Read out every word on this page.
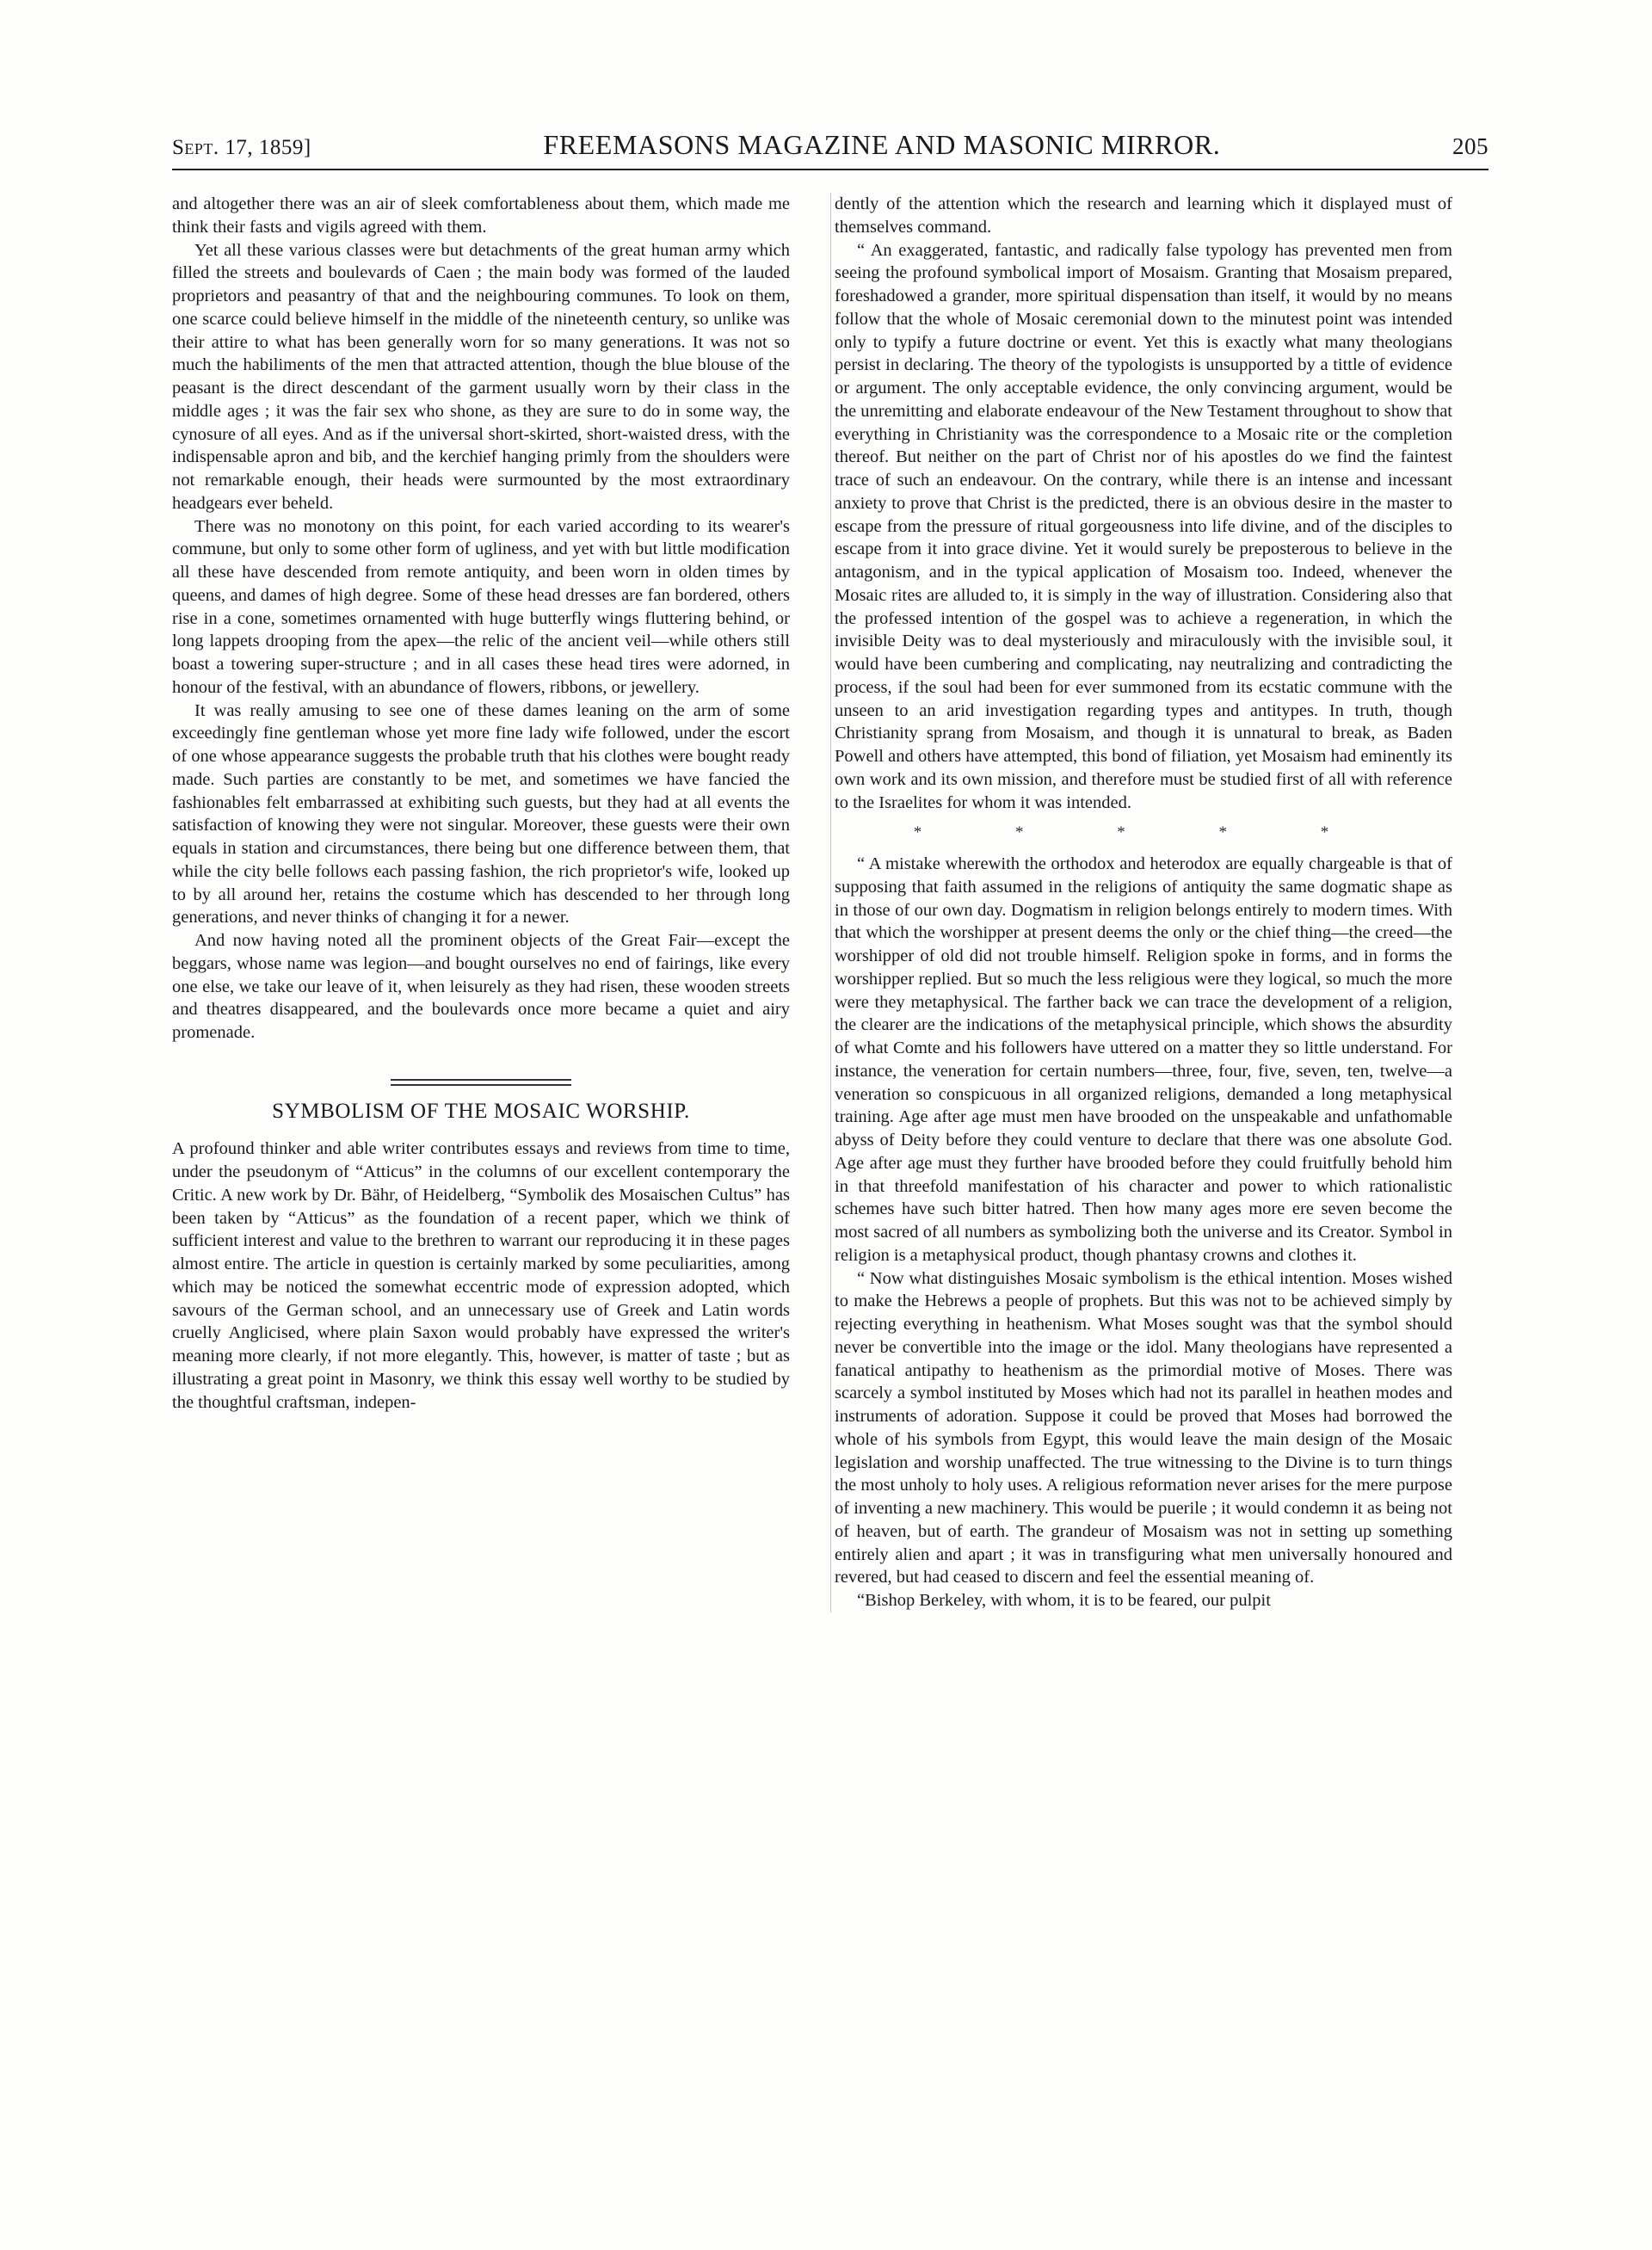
Sept. 17, 1859]	FREEMASONS MAGAZINE AND MASONIC MIRROR.	205

and altogether there was an air of sleek comfortableness about them, which made me think their fasts and vigils agreed with them.

Yet all these various classes were but detachments of the great human army which filled the streets and boulevards of Caen ; the main body was formed of the lauded proprietors and peasantry of that and the neighbouring communes. To look on them, one scarce could believe himself in the middle of the nineteenth century, so unlike was their attire to what has been generally worn for so many generations. It was not so much the habiliments of the men that attracted attention, though the blue blouse of the peasant is the direct descendant of the garment usually worn by their class in the middle ages ; it was the fair sex who shone, as they are sure to do in some way, the cynosure of all eyes. And as if the universal short-skirted, short-waisted dress, with the indispensable apron and bib, and the kerchief hanging primly from the shoulders were not remarkable enough, their heads were surmounted by the most extraordinary headgears ever beheld.

There was no monotony on this point, for each varied according to its wearer's commune, but only to some other form of ugliness, and yet with but little modification all these have descended from remote antiquity, and been worn in olden times by queens, and dames of high degree. Some of these head dresses are fan bordered, others rise in a cone, sometimes ornamented with huge butterfly wings fluttering behind, or long lappets drooping from the apex—the relic of the ancient veil—while others still boast a towering super-structure ; and in all cases these head tires were adorned, in honour of the festival, with an abundance of flowers, ribbons, or jewellery.

It was really amusing to see one of these dames leaning on the arm of some exceedingly fine gentleman whose yet more fine lady wife followed, under the escort of one whose appearance suggests the probable truth that his clothes were bought ready made. Such parties are constantly to be met, and sometimes we have fancied the fashionables felt embarrassed at exhibiting such guests, but they had at all events the satisfaction of knowing they were not singular. Moreover, these guests were their own equals in station and circumstances, there being but one difference between them, that while the city belle follows each passing fashion, the rich proprietor's wife, looked up to by all around her, retains the costume which has descended to her through long generations, and never thinks of changing it for a newer.

And now having noted all the prominent objects of the Great Fair—except the beggars, whose name was legion—and bought ourselves no end of fairings, like every one else, we take our leave of it, when leisurely as they had risen, these wooden streets and theatres disappeared, and the boulevards once more became a quiet and airy promenade.

SYMBOLISM OF THE MOSAIC WORSHIP.

A profound thinker and able writer contributes essays and reviews from time to time, under the pseudonym of “Atticus” in the columns of our excellent contemporary the Critic. A new work by Dr. Bähr, of Heidelberg, “Symbolik des Mosaischen Cultus” has been taken by “Atticus” as the foundation of a recent paper, which we think of sufficient interest and value to the brethren to warrant our reproducing it in these pages almost entire. The article in question is certainly marked by some peculiarities, among which may be noticed the somewhat eccentric mode of expression adopted, which savours of the German school, and an unnecessary use of Greek and Latin words cruelly Anglicised, where plain Saxon would probably have expressed the writer's meaning more clearly, if not more elegantly. This, however, is matter of taste ; but as illustrating a great point in Masonry, we think this essay well worthy to be studied by the thoughtful craftsman, indepen-

dently of the attention which the research and learning which it displayed must of themselves command.

“ An exaggerated, fantastic, and radically false typology has prevented men from seeing the profound symbolical import of Mosaism. Granting that Mosaism prepared, foreshadowed a grander, more spiritual dispensation than itself, it would by no means follow that the whole of Mosaic ceremonial down to the minutest point was intended only to typify a future doctrine or event. Yet this is exactly what many theologians persist in declaring. The theory of the typologists is unsupported by a tittle of evidence or argument. The only acceptable evidence, the only convincing argument, would be the unremitting and elaborate endeavour of the New Testament throughout to show that everything in Christianity was the correspondence to a Mosaic rite or the completion thereof. But neither on the part of Christ nor of his apostles do we find the faintest trace of such an endeavour. On the contrary, while there is an intense and incessant anxiety to prove that Christ is the predicted, there is an obvious desire in the master to escape from the pressure of ritual gorgeousness into life divine, and of the disciples to escape from it into grace divine. Yet it would surely be preposterous to believe in the antagonism, and in the typical application of Mosaism too. Indeed, whenever the Mosaic rites are alluded to, it is simply in the way of illustration. Considering also that the professed intention of the gospel was to achieve a regeneration, in which the invisible Deity was to deal mysteriously and miraculously with the invisible soul, it would have been cumbering and complicating, nay neutralizing and contradicting the process, if the soul had been for ever summoned from its ecstatic commune with the unseen to an arid investigation regarding types and antitypes. In truth, though Christianity sprang from Mosaism, and though it is unnatural to break, as Baden Powell and others have attempted, this bond of filiation, yet Mosaism had eminently its own work and its own mission, and therefore must be studied first of all with reference to the Israelites for whom it was intended.

* * * * *

“ A mistake wherewith the orthodox and heterodox are equally chargeable is that of supposing that faith assumed in the religions of antiquity the same dogmatic shape as in those of our own day. Dogmatism in religion belongs entirely to modern times. With that which the worshipper at present deems the only or the chief thing—the creed—the worshipper of old did not trouble himself. Religion spoke in forms, and in forms the worshipper replied. But so much the less religious were they logical, so much the more were they metaphysical. The farther back we can trace the development of a religion, the clearer are the indications of the metaphysical principle, which shows the absurdity of what Comte and his followers have uttered on a matter they so little understand. For instance, the veneration for certain numbers—three, four, five, seven, ten, twelve—a veneration so conspicuous in all organized religions, demanded a long metaphysical training. Age after age must men have brooded on the unspeakable and unfathomable abyss of Deity before they could venture to declare that there was one absolute God. Age after age must they further have brooded before they could fruitfully behold him in that threefold manifestation of his character and power to which rationalistic schemes have such bitter hatred. Then how many ages more ere seven become the most sacred of all numbers as symbolizing both the universe and its Creator. Symbol in religion is a metaphysical product, though phantasy crowns and clothes it.

“ Now what distinguishes Mosaic symbolism is the ethical intention. Moses wished to make the Hebrews a people of prophets. But this was not to be achieved simply by rejecting everything in heathenism. What Moses sought was that the symbol should never be convertible into the image or the idol. Many theologians have represented a fanatical antipathy to heathenism as the primordial motive of Moses. There was scarcely a symbol instituted by Moses which had not its parallel in heathen modes and instruments of adoration. Suppose it could be proved that Moses had borrowed the whole of his symbols from Egypt, this would leave the main design of the Mosaic legislation and worship unaffected. The true witnessing to the Divine is to turn things the most unholy to holy uses. A religious reformation never arises for the mere purpose of inventing a new machinery. This would be puerile ; it would condemn it as being not of heaven, but of earth. The grandeur of Mosaism was not in setting up something entirely alien and apart ; it was in transfiguring what men universally honoured and revered, but had ceased to discern and feel the essential meaning of.

“Bishop Berkeley, with whom, it is to be feared, our pulpit
